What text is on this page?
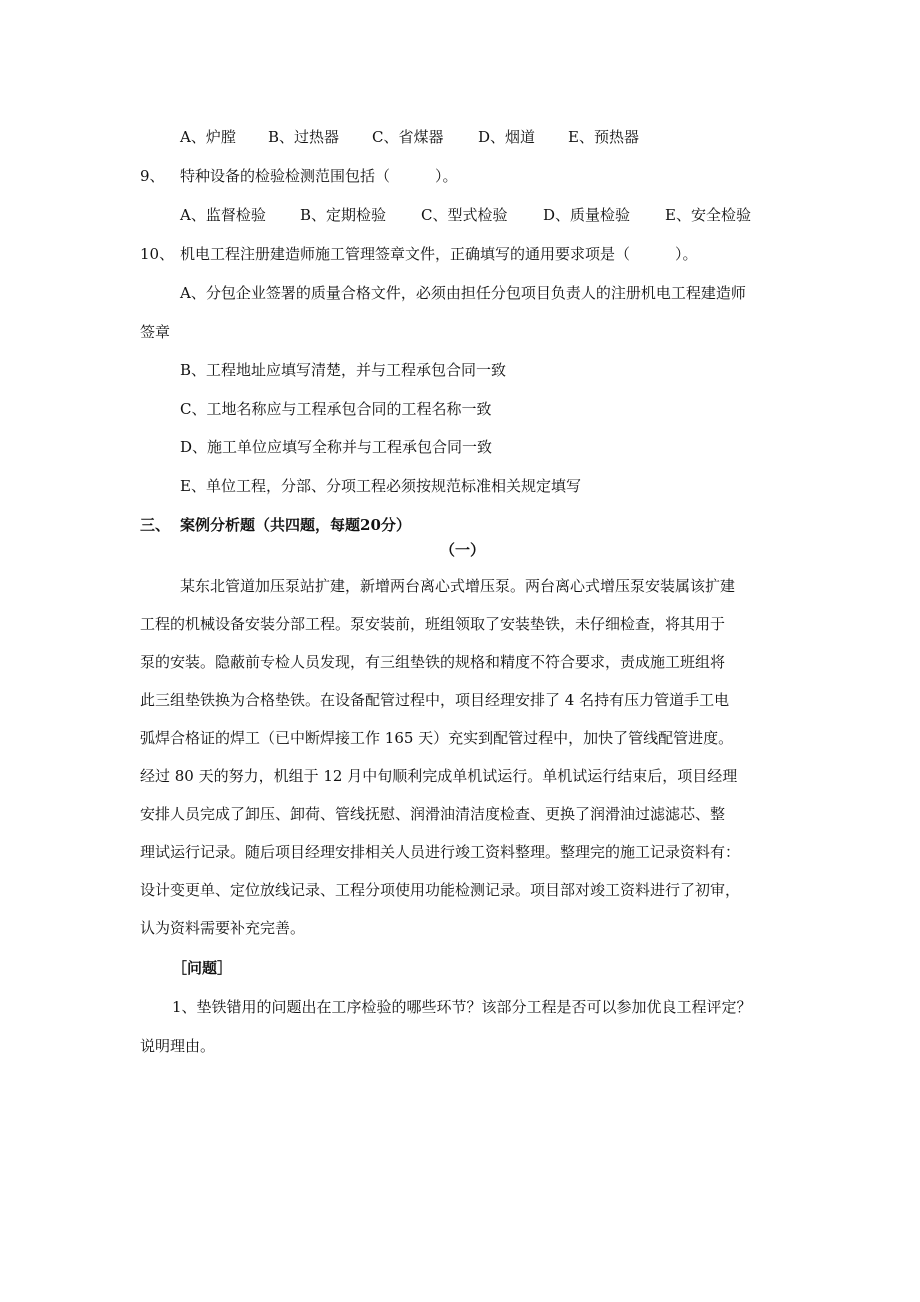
A、炉膛 B、过热器 C、省煤器 D、烟道 E、预热器
9、 特种设备的检验检测范围包括（　　　）。
A、监督检验 B、定期检验 C、型式检验 D、质量检验 E、安全检验
10、 机电工程注册建造师施工管理签章文件，正确填写的通用要求项是（　　　）。
A、分包企业签署的质量合格文件，必须由担任分包项目负责人的注册机电工程建造师
签章
B、工程地址应填写清楚，并与工程承包合同一致
C、工地名称应与工程承包合同的工程名称一致
D、施工单位应填写全称并与工程承包合同一致
E、单位工程，分部、分项工程必须按规范标准相关规定填写
三、 案例分析题（共四题，每题20分）
（一）
某东北管道加压泵站扩建，新增两台离心式增压泵。两台离心式增压泵安装属该扩建
工程的机械设备安装分部工程。泵安装前，班组领取了安装垫铁，未仔细检查，将其用于
泵的安装。隐蔽前专检人员发现，有三组垫铁的规格和精度不符合要求，责成施工班组将
此三组垫铁换为合格垫铁。在设备配管过程中，项目经理安排了 4 名持有压力管道手工电
弧焊合格证的焊工（已中断焊接工作 165 天）充实到配管过程中，加快了管线配管进度。
经过 80 天的努力，机组于 12 月中旬顺利完成单机试运行。单机试运行结束后，项目经理
安排人员完成了卸压、卸荷、管线抚慰、润滑油清洁度检查、更换了润滑油过滤滤芯、整
理试运行记录。随后项目经理安排相关人员进行竣工资料整理。整理完的施工记录资料有：
设计变更单、定位放线记录、工程分项使用功能检测记录。项目部对竣工资料进行了初审，
认为资料需要补充完善。
［问题］
1、垫铁错用的问题出在工序检验的哪些环节？该部分工程是否可以参加优良工程评定？
说明理由。
